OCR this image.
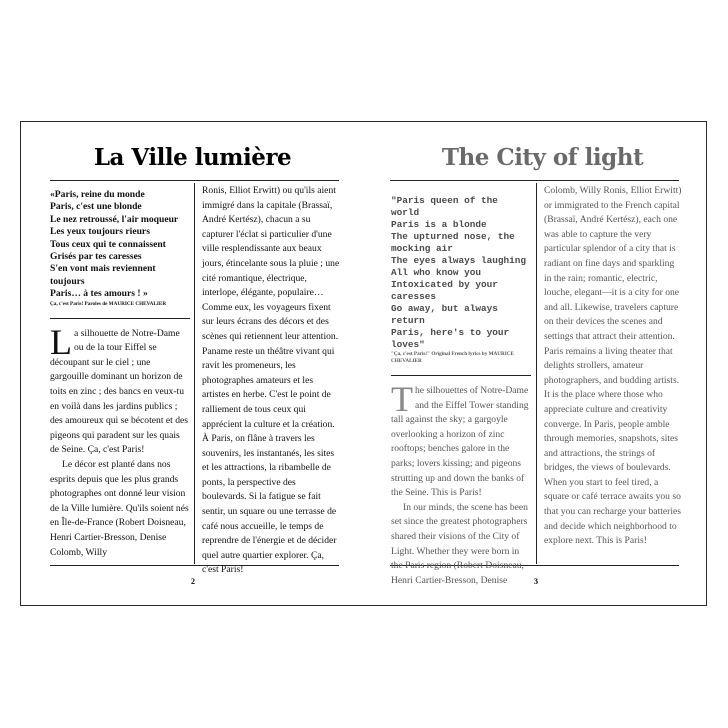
La Ville lumière

«Paris, reine du monde

Paris, c'est une blonde

Le nez retroussé, l'air moqueur

Les yeux toujours rieurs

Tous ceux qui te connaissent

Grisés par tes caresses

S'en vont mais reviennent

toujours

Paris… à tes amours ! »

Ça, c'est Paris! Paroles de MAURICE CHEVALIER

La silhouette de Notre-Dame ou de la tour Eiffel se découpant sur le ciel ; une gargouille dominant un horizon de toits en zinc ; des bancs en veux-tu en voilà dans les jardins publics ; des amoureux qui se bécotent et des pigeons qui paradent sur les quais de Seine. Ça, c'est Paris!

Le décor est planté dans nos esprits depuis que les plus grands photographes ont donné leur vision de la Ville lumière. Qu'ils soient nés en Île-de-France (Robert Doisneau, Henri Cartier-Bresson, Denise Colomb, Willy

Ronis, Elliot Erwitt) ou qu'ils aient immigré dans la capitale (Brassaï, André Kertész), chacun a su capturer l'éclat si particulier d'une ville resplendissante aux beaux jours, étincelante sous la pluie ; une cité romantique, électrique, interlope, élégante, populaire… Comme eux, les voyageurs fixent sur leurs écrans des décors et des scènes qui retiennent leur attention. Paname reste un théâtre vivant qui ravit les promeneurs, les photographes amateurs et les artistes en herbe. C'est le point de ralliement de tous ceux qui apprécient la culture et la création. À Paris, on flâne à travers les souvenirs, les instantanés, les sites et les attractions, la ribambelle de ponts, la perspective des boulevards. Si la fatigue se fait sentir, un square ou une terrasse de café nous accueille, le temps de reprendre de l'énergie et de décider quel autre quartier explorer. Ça, c'est Paris!

2
The City of light

"Paris queen of the world

Paris is a blonde

The upturned nose, the

mocking air

The eyes always laughing

All who know you

Intoxicated by your caresses

Go away, but always return

Paris, here's to your loves"

"Ça, c'est Paris!" Original French lyrics by MAURICE CHEVALIER

The silhouettes of Notre-Dame and the Eiffel Tower standing tall against the sky; a gargoyle overlooking a horizon of zinc rooftops; benches galore in the parks; lovers kissing; and pigeons strutting up and down the banks of the Seine. This is Paris!

In our minds, the scene has been set since the greatest photographers shared their visions of the City of Light. Whether they were born in the Paris region (Robert Doisneau, Henri Cartier-Bresson, Denise

Colomb, Willy Ronis, Elliot Erwitt) or immigrated to the French capital (Brassaï, André Kertész), each one was able to capture the very particular splendor of a city that is radiant on fine days and sparkling in the rain; romantic, electric, louche, elegant—it is a city for one and all. Likewise, travelers capture on their devices the scenes and settings that attract their attention. Paris remains a living theater that delights strollers, amateur photographers, and budding artists. It is the place where those who appreciate culture and creativity converge. In Paris, people amble through memories, snapshots, sites and attractions, the strings of bridges, the views of boulevards. When you start to feel tired, a square or café terrace awaits you so that you can recharge your batteries and decide which neighborhood to explore next. This is Paris!

3
